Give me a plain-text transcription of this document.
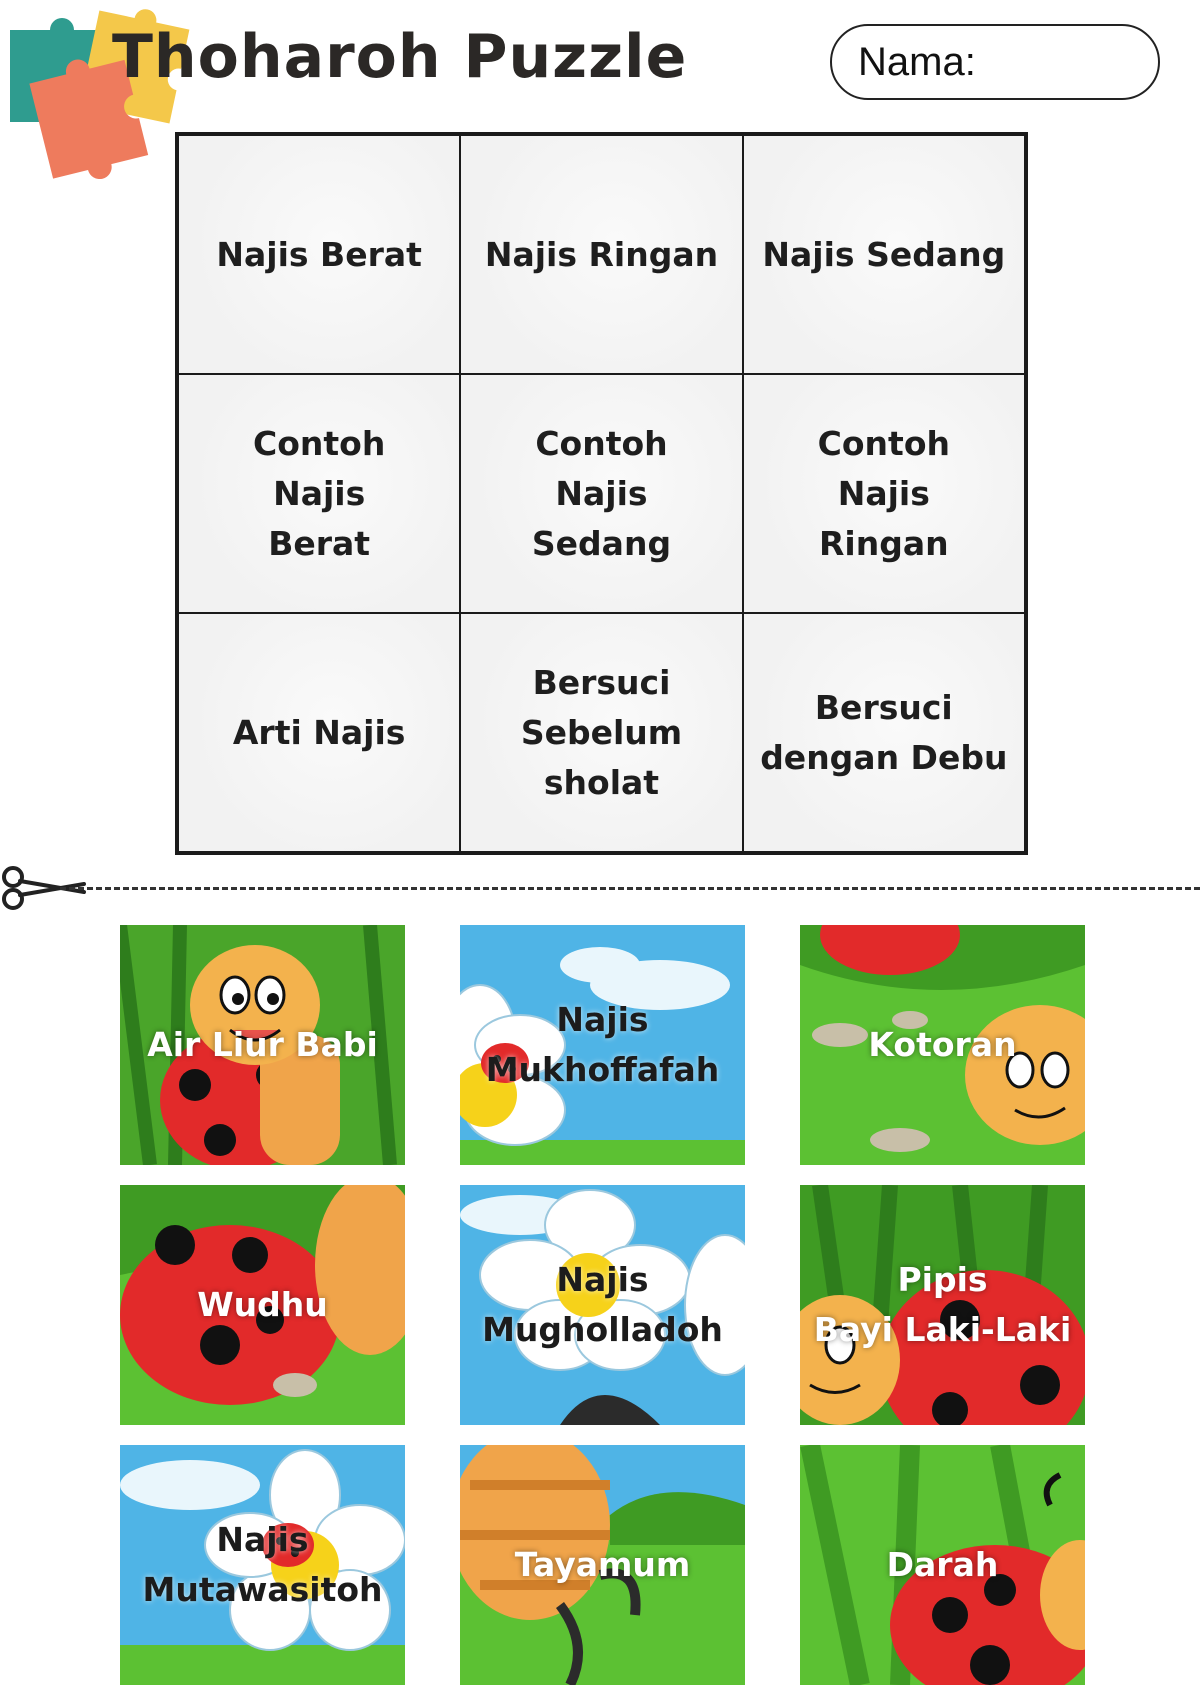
Thoharoh Puzzle	Nama:
Najis Berat Najis Ringan Najis Sedang
Contoh
Najis
Berat
Contoh
Najis
Sedang
Contoh
Najis
Ringan
Arti Najis
Bersuci
Sebelum
sholat
Bersuci
dengan Debu
Air Liur Babi
Najis
Mukhoffafah
Kotoran
Wudhu
Najis
Mugholladoh
Pipis
Bayi Laki-Laki
Najis
Mutawasitoh
Tayamum	Darah
